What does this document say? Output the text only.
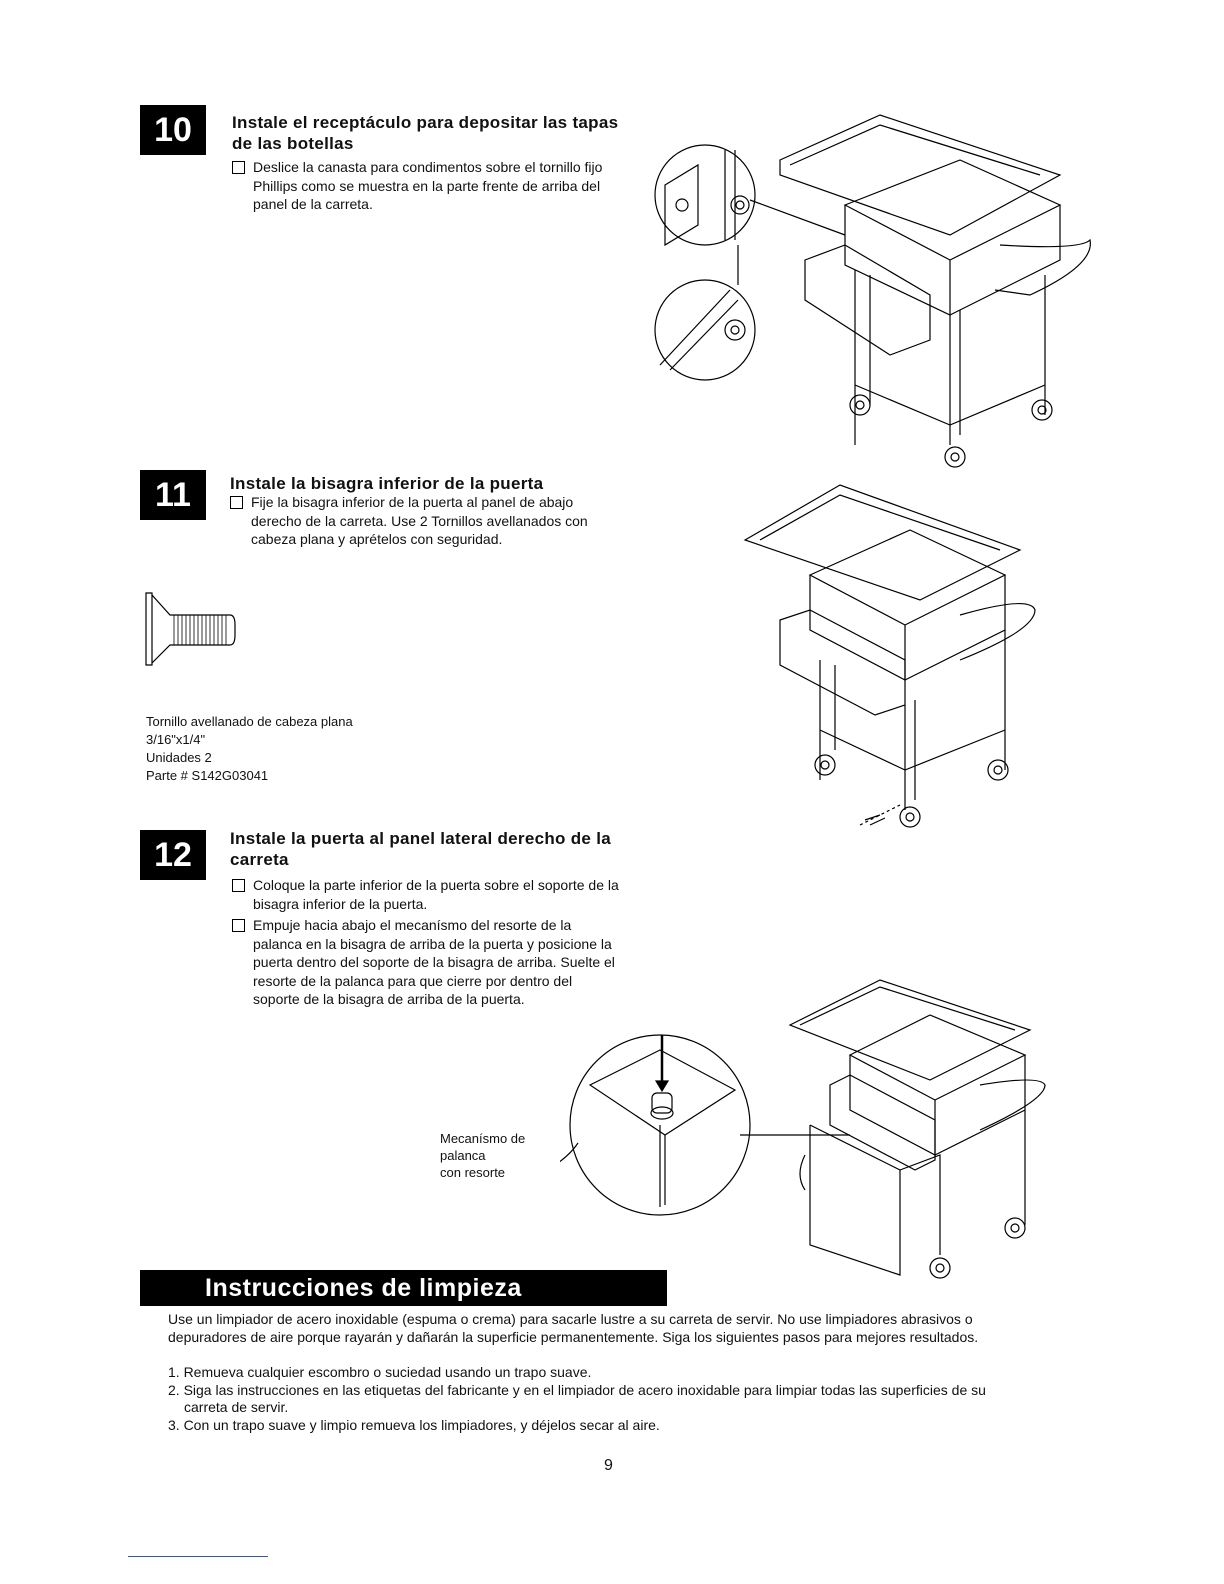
10	Instale el receptáculo para depositar las tapas de las botellas
Deslice la canasta para condimentos sobre el tornillo fijo Phillips como se muestra en la parte frente de arriba del panel de la carreta.
11	Instale la bisagra inferior de la puerta
Fije la bisagra inferior de la puerta al panel de abajo derecho de la carreta. Use 2 Tornillos avellanados con cabeza plana y aprételos con seguridad.
Tornillo avellanado de cabeza plana
3/16"x1/4"
Unidades 2
Parte # S142G03041
12	Instale la puerta al panel lateral derecho de la carreta
Coloque la parte inferior de la puerta sobre el soporte de la bisagra inferior de la puerta.
Empuje hacia abajo el mecanísmo del resorte de la palanca en la bisagra de arriba de la puerta y posicione la puerta dentro del soporte de la bisagra de arriba. Suelte el resorte de la palanca para que cierre por dentro del soporte de la bisagra de arriba de la puerta.
Mecanísmo de
palanca
con resorte
Instrucciones de limpieza
Use un limpiador de acero inoxidable (espuma o crema) para sacarle lustre a su carreta de servir. No use limpiadores abrasivos o depuradores de aire porque rayarán y dañarán la superficie permanentemente. Siga los siguientes pasos para mejores resultados.
1. Remueva cualquier escombro o suciedad usando un trapo suave.
2. Siga las instrucciones en las etiquetas del fabricante y en el limpiador de acero inoxidable para limpiar todas las superficies de su carreta de servir.
3. Con un trapo suave y limpio remueva los limpiadores, y déjelos secar al aire.
9
